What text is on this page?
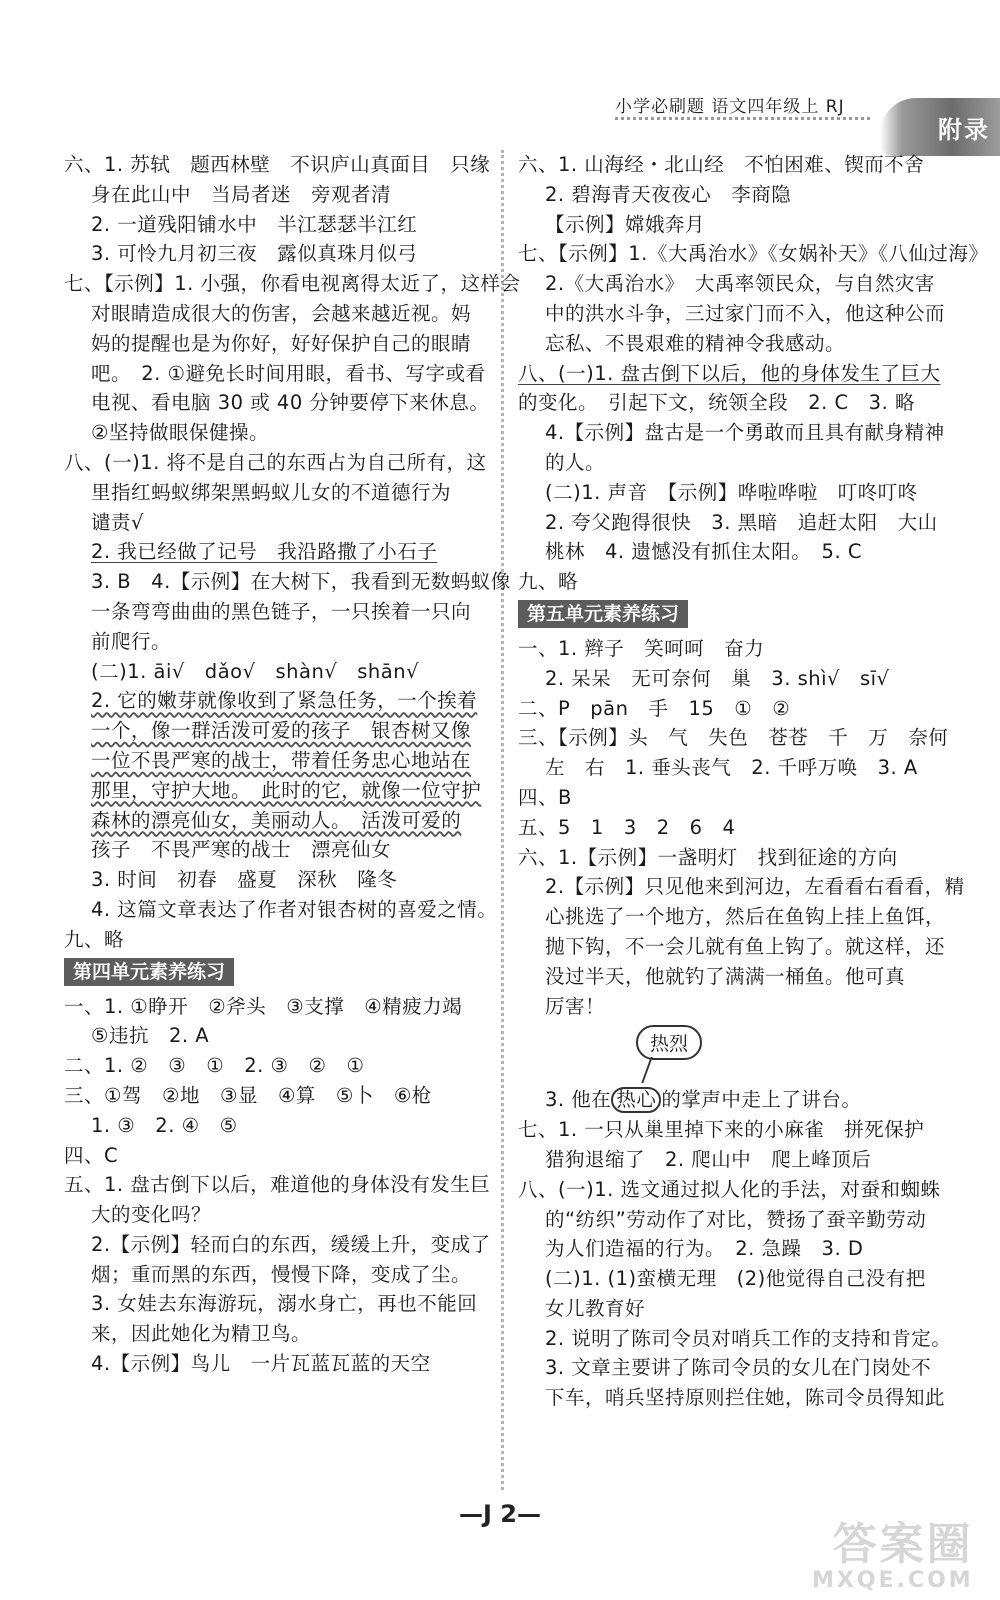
小学必刷题 语文四年级上 RJ
附录
六、1. 苏轼　题西林壁　不识庐山真面目　只缘
身在此山中　当局者迷　旁观者清
2. 一道残阳铺水中　半江瑟瑟半江红
3. 可怜九月初三夜　露似真珠月似弓
七、【示例】1. 小强，你看电视离得太近了，这样会
对眼睛造成很大的伤害，会越来越近视。妈
妈的提醒也是为你好，好好保护自己的眼睛
吧。　2. ①避免长时间用眼，看书、写字或看
电视、看电脑 30 或 40 分钟要停下来休息。
②坚持做眼保健操。
八、(一)1. 将不是自己的东西占为自己所有，这
里指红蚂蚁绑架黑蚂蚁儿女的不道德行为
谴责√
2. 我已经做了记号　我沿路撒了小石子
3. B　4.【示例】在大树下，我看到无数蚂蚁像
一条弯弯曲曲的黑色链子，一只挨着一只向
前爬行。
(二)1. āi√　dǎo√　shàn√　shān√
2. 它的嫩芽就像收到了紧急任务，一个挨着
一个，像一群活泼可爱的孩子　银杏树又像
一位不畏严寒的战士，带着任务忠心地站在
那里，守护大地。　此时的它，就像一位守护
森林的漂亮仙女，美丽动人。　活泼可爱的
孩子　不畏严寒的战士　漂亮仙女
3. 时间　初春　盛夏　深秋　隆冬
4. 这篇文章表达了作者对银杏树的喜爱之情。
九、略
第四单元素养练习
一、1. ①睁开　②斧头　③支撑　④精疲力竭
⑤违抗　2. A
二、1. ②　③　①　2. ③　②　①
三、①驾　②地　③显　④算　⑤卜　⑥枪
1. ③　2. ④　⑤
四、C
五、1. 盘古倒下以后，难道他的身体没有发生巨
大的变化吗？
2.【示例】轻而白的东西，缓缓上升，变成了
烟；重而黑的东西，慢慢下降，变成了尘。
3. 女娃去东海游玩，溺水身亡，再也不能回
来，因此她化为精卫鸟。
4.【示例】鸟儿　一片瓦蓝瓦蓝的天空
六、1. 山海经・北山经　不怕困难、锲而不舍
2. 碧海青天夜夜心　李商隐
【示例】嫦娥奔月
七、【示例】1.《大禹治水》《女娲补天》《八仙过海》
2.《大禹治水》　大禹率领民众，与自然灾害
中的洪水斗争，三过家门而不入，他这种公而
忘私、不畏艰难的精神令我感动。
八、(一)1. 盘古倒下以后，他的身体发生了巨大
的变化。　引起下文，统领全段　2. C　3. 略
4.【示例】盘古是一个勇敢而且具有献身精神
的人。
(二)1. 声音　【示例】哗啦哗啦　叮咚叮咚
2. 夸父跑得很快　3. 黑暗　追赶太阳　大山
桃林　4. 遗憾没有抓住太阳。　5. C
九、略
第五单元素养练习
一、1. 辫子　笑呵呵　奋力
2. 呆呆　无可奈何　巢　3. shì√　sī√
二、P　pān　手　15　①　②
三、【示例】头　气　失色　苍苍　千　万　奈何
左　右　1. 垂头丧气　2. 千呼万唤　3. A
四、B
五、5　1　3　2　6　4
六、1.【示例】一盏明灯　找到征途的方向
2.【示例】只见他来到河边，左看看右看看，精
心挑选了一个地方，然后在鱼钩上挂上鱼饵，
抛下钩，不一会儿就有鱼上钩了。就这样，还
没过半天，他就钓了满满一桶鱼。他可真
厉害！
热烈
3. 他在 热心 的掌声中走上了讲台。
七、1. 一只从巢里掉下来的小麻雀　拼死保护
猎狗退缩了　2. 爬山中　爬上峰顶后
八、(一)1. 选文通过拟人化的手法，对蚕和蜘蛛
的“纺织”劳动作了对比，赞扬了蚕辛勤劳动
为人们造福的行为。　2. 急躁　3. D
(二)1. (1)蛮横无理　(2)他觉得自己没有把
女儿教育好
2. 说明了陈司令员对哨兵工作的支持和肯定。
3. 文章主要讲了陈司令员的女儿在门岗处不
下车，哨兵坚持原则拦住她，陈司令员得知此
—J 2—
答案圈
MXQE.COM
